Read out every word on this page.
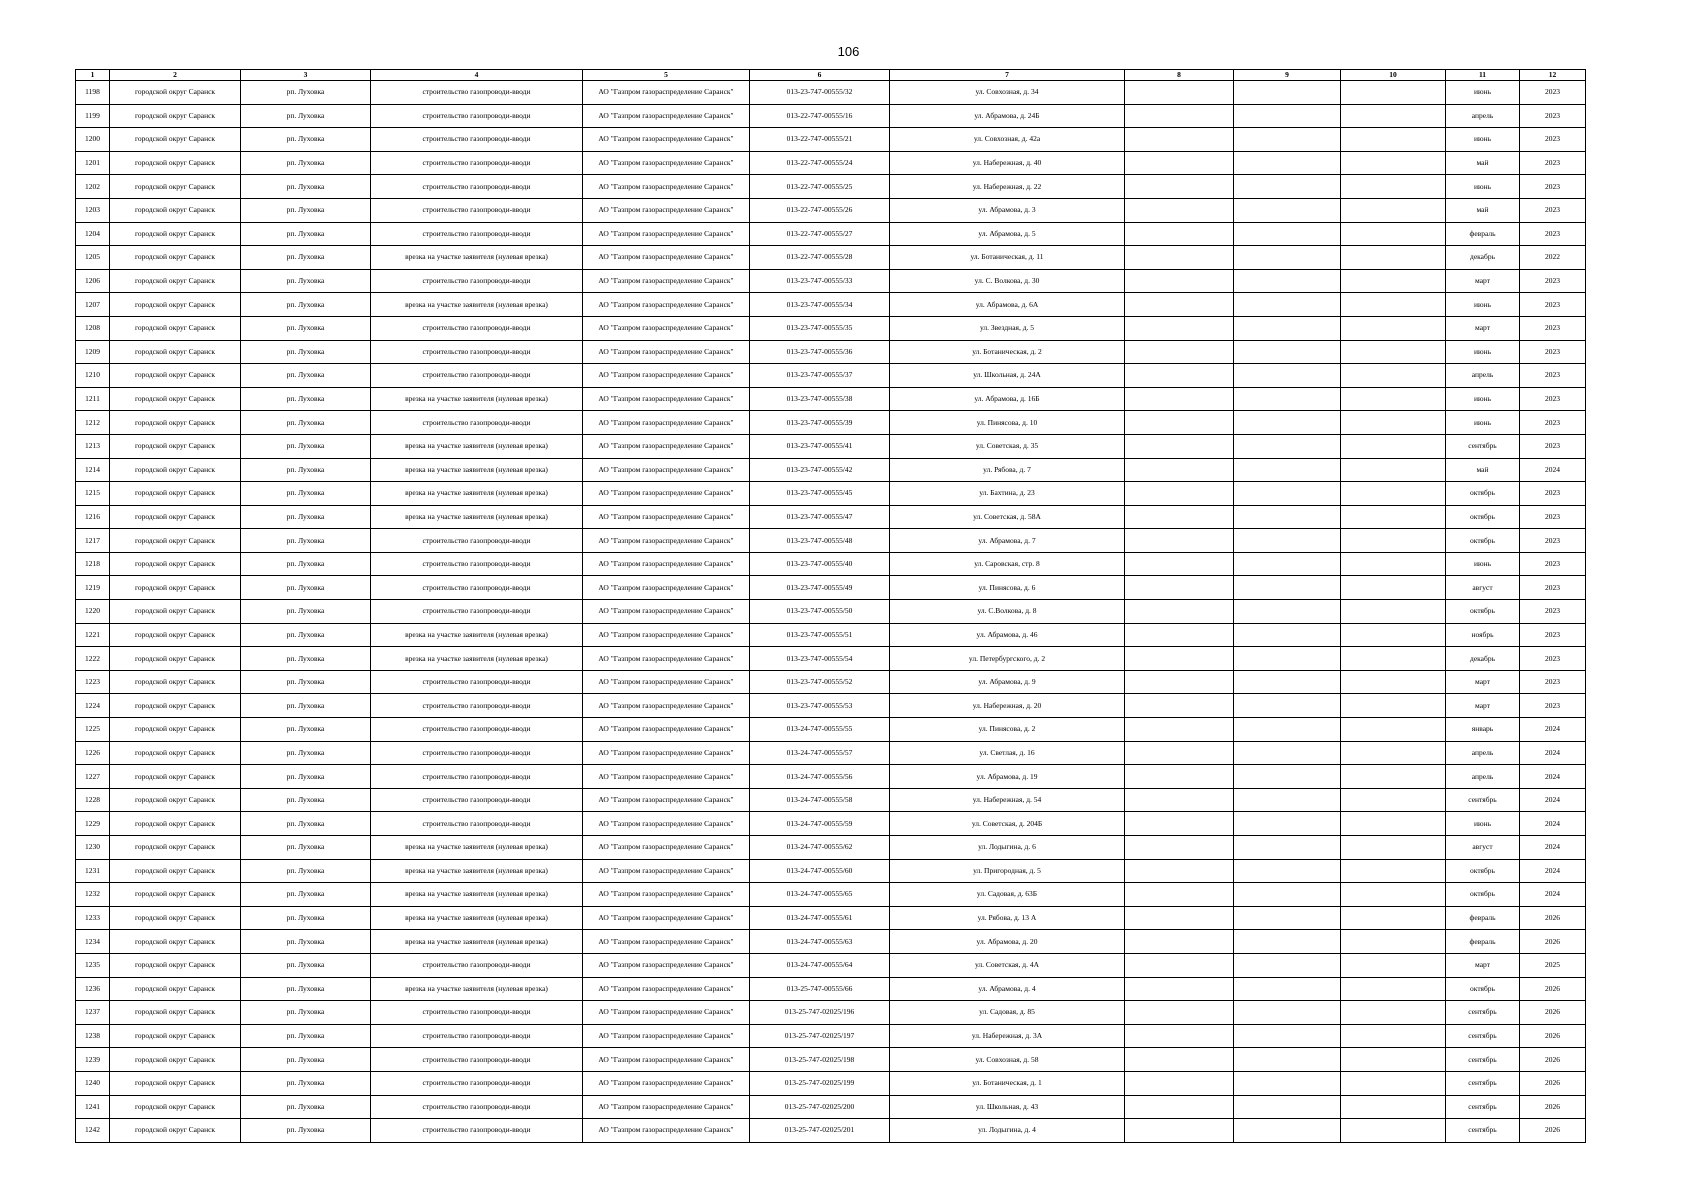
106
1	2	3	4	5	6	7	8	9	10	11	12
1198	городской округ Саранск	рп. Луховка	строительство газопроводи-вводи	АО "Газпром газораспределение Саранск"	013-23-747-00555/32	ул. Совхозная, д. 34				июнь	2023
1199	городской округ Саранск	рп. Луховка	строительство газопроводи-вводи	АО "Газпром газораспределение Саранск"	013-22-747-00555/16	ул. Абрамова, д. 24Б				апрель	2023
1200	городской округ Саранск	рп. Луховка	строительство газопроводи-вводи	АО "Газпром газораспределение Саранск"	013-22-747-00555/21	ул. Совхозная, д. 42а				июнь	2023
1201	городской округ Саранск	рп. Луховка	строительство газопроводи-вводи	АО "Газпром газораспределение Саранск"	013-22-747-00555/24	ул. Набережная, д. 40				май	2023
1202	городской округ Саранск	рп. Луховка	строительство газопроводи-вводи	АО "Газпром газораспределение Саранск"	013-22-747-00555/25	ул. Набережная, д. 22				июнь	2023
1203	городской округ Саранск	рп. Луховка	строительство газопроводи-вводи	АО "Газпром газораспределение Саранск"	013-22-747-00555/26	ул. Абрамова, д. 3				май	2023
1204	городской округ Саранск	рп. Луховка	строительство газопроводи-вводи	АО "Газпром газораспределение Саранск"	013-22-747-00555/27	ул. Абрамова, д. 5				февраль	2023
1205	городской округ Саранск	рп. Луховка	врезка на участке заявителя (нулевая врезка)	АО "Газпром газораспределение Саранск"	013-22-747-00555/28	ул. Ботаническая, д. 11				декабрь	2022
1206	городской округ Саранск	рп. Луховка	строительство газопроводи-вводи	АО "Газпром газораспределение Саранск"	013-23-747-00555/33	ул. С. Волкова, д. 30				март	2023
1207	городской округ Саранск	рп. Луховка	врезка на участке заявителя (нулевая врезка)	АО "Газпром газораспределение Саранск"	013-23-747-00555/34	ул. Абрамова, д. 6А				июнь	2023
1208	городской округ Саранск	рп. Луховка	строительство газопроводи-вводи	АО "Газпром газораспределение Саранск"	013-23-747-00555/35	ул. Звездная, д. 5				март	2023
1209	городской округ Саранск	рп. Луховка	строительство газопроводи-вводи	АО "Газпром газораспределение Саранск"	013-23-747-00555/36	ул. Ботаническая, д. 2				июнь	2023
1210	городской округ Саранск	рп. Луховка	строительство газопроводи-вводи	АО "Газпром газораспределение Саранск"	013-23-747-00555/37	ул. Школьная, д. 24А				апрель	2023
1211	городской округ Саранск	рп. Луховка	врезка на участке заявителя (нулевая врезка)	АО "Газпром газораспределение Саранск"	013-23-747-00555/38	ул. Абрамова, д. 16Б				июнь	2023
1212	городской округ Саранск	рп. Луховка	строительство газопроводи-вводи	АО "Газпром газораспределение Саранск"	013-23-747-00555/39	ул. Пинясова, д. 10				июнь	2023
1213	городской округ Саранск	рп. Луховка	врезка на участке заявителя (нулевая врезка)	АО "Газпром газораспределение Саранск"	013-23-747-00555/41	ул. Советская, д. 35				сентябрь	2023
1214	городской округ Саранск	рп. Луховка	врезка на участке заявителя (нулевая врезка)	АО "Газпром газораспределение Саранск"	013-23-747-00555/42	ул. Рябова, д. 7				май	2024
1215	городской округ Саранск	рп. Луховка	врезка на участке заявителя (нулевая врезка)	АО "Газпром газораспределение Саранск"	013-23-747-00555/45	ул. Бахтина, д. 23				октябрь	2023
1216	городской округ Саранск	рп. Луховка	врезка на участке заявителя (нулевая врезка)	АО "Газпром газораспределение Саранск"	013-23-747-00555/47	ул. Советская, д. 58А				октябрь	2023
1217	городской округ Саранск	рп. Луховка	строительство газопроводи-вводи	АО "Газпром газораспределение Саранск"	013-23-747-00555/48	ул. Абрамова, д. 7				октябрь	2023
1218	городской округ Саранск	рп. Луховка	строительство газопроводи-вводи	АО "Газпром газораспределение Саранск"	013-23-747-00555/40	ул. Саровская, стр. 8				июнь	2023
1219	городской округ Саранск	рп. Луховка	строительство газопроводи-вводи	АО "Газпром газораспределение Саранск"	013-23-747-00555/49	ул. Пинясова, д. 6				август	2023
1220	городской округ Саранск	рп. Луховка	строительство газопроводи-вводи	АО "Газпром газораспределение Саранск"	013-23-747-00555/50	ул. С.Волкова, д. 8				октябрь	2023
1221	городской округ Саранск	рп. Луховка	врезка на участке заявителя (нулевая врезка)	АО "Газпром газораспределение Саранск"	013-23-747-00555/51	ул. Абрамова, д. 46				ноябрь	2023
1222	городской округ Саранск	рп. Луховка	врезка на участке заявителя (нулевая врезка)	АО "Газпром газораспределение Саранск"	013-23-747-00555/54	ул. Петербургского, д. 2				декабрь	2023
1223	городской округ Саранск	рп. Луховка	строительство газопроводи-вводи	АО "Газпром газораспределение Саранск"	013-23-747-00555/52	ул. Абрамова, д. 9				март	2023
1224	городской округ Саранск	рп. Луховка	строительство газопроводи-вводи	АО "Газпром газораспределение Саранск"	013-23-747-00555/53	ул. Набережная, д. 20				март	2023
1225	городской округ Саранск	рп. Луховка	строительство газопроводи-вводи	АО "Газпром газораспределение Саранск"	013-24-747-00555/55	ул. Пинясова, д. 2				январь	2024
1226	городской округ Саранск	рп. Луховка	строительство газопроводи-вводи	АО "Газпром газораспределение Саранск"	013-24-747-00555/57	ул. Светлая, д. 16				апрель	2024
1227	городской округ Саранск	рп. Луховка	строительство газопроводи-вводи	АО "Газпром газораспределение Саранск"	013-24-747-00555/56	ул. Абрамова, д. 19				апрель	2024
1228	городской округ Саранск	рп. Луховка	строительство газопроводи-вводи	АО "Газпром газораспределение Саранск"	013-24-747-00555/58	ул. Набережная, д. 54				сентябрь	2024
1229	городской округ Саранск	рп. Луховка	строительство газопроводи-вводи	АО "Газпром газораспределение Саранск"	013-24-747-00555/59	ул. Советская, д. 204Б				июнь	2024
1230	городской округ Саранск	рп. Луховка	врезка на участке заявителя (нулевая врезка)	АО "Газпром газораспределение Саранск"	013-24-747-00555/62	ул. Лодыгина, д. 6				август	2024
1231	городской округ Саранск	рп. Луховка	врезка на участке заявителя (нулевая врезка)	АО "Газпром газораспределение Саранск"	013-24-747-00555/60	ул. Пригородная, д. 5				октябрь	2024
1232	городской округ Саранск	рп. Луховка	врезка на участке заявителя (нулевая врезка)	АО "Газпром газораспределение Саранск"	013-24-747-00555/65	ул. Садовая, д. 63Б				октябрь	2024
1233	городской округ Саранск	рп. Луховка	врезка на участке заявителя (нулевая врезка)	АО "Газпром газораспределение Саранск"	013-24-747-00555/61	ул. Рябова, д. 13 А				февраль	2026
1234	городской округ Саранск	рп. Луховка	врезка на участке заявителя (нулевая врезка)	АО "Газпром газораспределение Саранск"	013-24-747-00555/63	ул. Абрамова, д. 20				февраль	2026
1235	городской округ Саранск	рп. Луховка	строительство газопроводи-вводи	АО "Газпром газораспределение Саранск"	013-24-747-00555/64	ул. Советская, д. 4А				март	2025
1236	городской округ Саранск	рп. Луховка	врезка на участке заявителя (нулевая врезка)	АО "Газпром газораспределение Саранск"	013-25-747-00555/66	ул. Абрамова, д. 4				октябрь	2026
1237	городской округ Саранск	рп. Луховка	строительство газопроводи-вводи	АО "Газпром газораспределение Саранск"	013-25-747-02025/196	ул. Садовая, д. 85				сентябрь	2026
1238	городской округ Саранск	рп. Луховка	строительство газопроводи-вводи	АО "Газпром газораспределение Саранск"	013-25-747-02025/197	ул. Набережная, д. 3А				сентябрь	2026
1239	городской округ Саранск	рп. Луховка	строительство газопроводи-вводи	АО "Газпром газораспределение Саранск"	013-25-747-02025/198	ул. Совхозная, д. 58				сентябрь	2026
1240	городской округ Саранск	рп. Луховка	строительство газопроводи-вводи	АО "Газпром газораспределение Саранск"	013-25-747-02025/199	ул. Ботаническая, д. 1				сентябрь	2026
1241	городской округ Саранск	рп. Луховка	строительство газопроводи-вводи	АО "Газпром газораспределение Саранск"	013-25-747-02025/200	ул. Школьная, д. 43				сентябрь	2026
1242	городской округ Саранск	рп. Луховка	строительство газопроводи-вводи	АО "Газпром газораспределение Саранск"	013-25-747-02025/201	ул. Лодыгина, д. 4				сентябрь	2026
